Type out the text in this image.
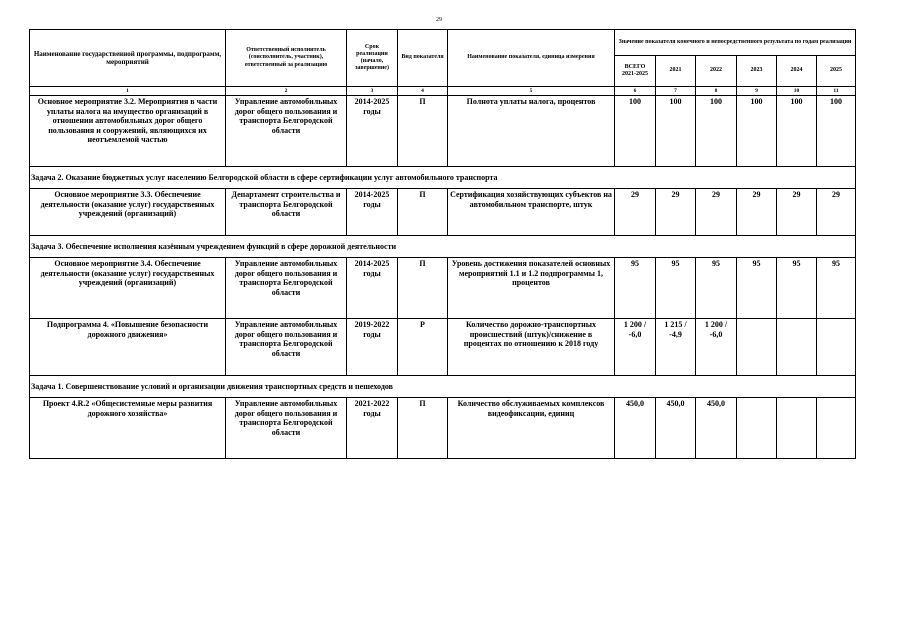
29
Наименование государственной программы, подпрограмм, мероприятий	Ответственный исполнитель (соисполнитель, участник), ответственный за реализацию	Срок реализации (начало, завершение)	Вид показателя	Наименование показателя, единица измерения	Значение показателя конечного и непосредственного результата по годам реализации					
					ВСЕГО 2021-2025	2021	2022	2023	2024	2025
1	2	3	4	5	6	7	8	9	10	11
Основное мероприятие 3.2. Мероприятия в части уплаты налога на имущество организаций в отношении автомобильных дорог общего пользования и сооружений, являющихся их неотъемлемой частью	Управление автомобильных дорог общего пользования и транспорта Белгородской области	2014-2025 годы	П	Полнота уплаты налога, процентов	100	100	100	100	100	100
Задача 2. Оказание бюджетных услуг населению Белгородской области в сфере сертификации услуг автомобильного транспорта										
Основное мероприятие 3.3. Обеспечение деятельности (оказание услуг) государственных учреждений (организаций)	Департамент строительства и транспорта Белгородской области	2014-2025 годы	П	Сертификация хозяйствующих субъектов на автомобильном транспорте, штук	29	29	29	29	29	29
Задача 3. Обеспечение исполнения казённым учреждением функций в сфере дорожной деятельности										
Основное мероприятие 3.4. Обеспечение деятельности (оказание услуг) государственных учреждений (организаций)	Управление автомобильных дорог общего пользования и транспорта Белгородской области	2014-2025 годы	П	Уровень достижения показателей основных мероприятий 1.1 и 1.2 подпрограммы 1, процентов	95	95	95	95	95	95
Подпрограмма 4. «Повышение безопасности дорожного движения»	Управление автомобильных дорог общего пользования и транспорта Белгородской области	2019-2022 годы	Р	Количество дорожно-транспортных происшествий (штук)/снижение в процентах по отношению к 2018 году	1 200 / -6,0	1 215 / -4,9	1 200 / -6,0			
Задача 1. Совершенствование условий и организации движения транспортных средств и пешеходов										
Проект 4.R.2 «Общесистемные меры развития дорожного хозяйства»	Управление автомобильных дорог общего пользования и транспорта Белгородской области	2021-2022 годы	П	Количество обслуживаемых комплексов видеофиксации, единиц	450,0	450,0	450,0			
